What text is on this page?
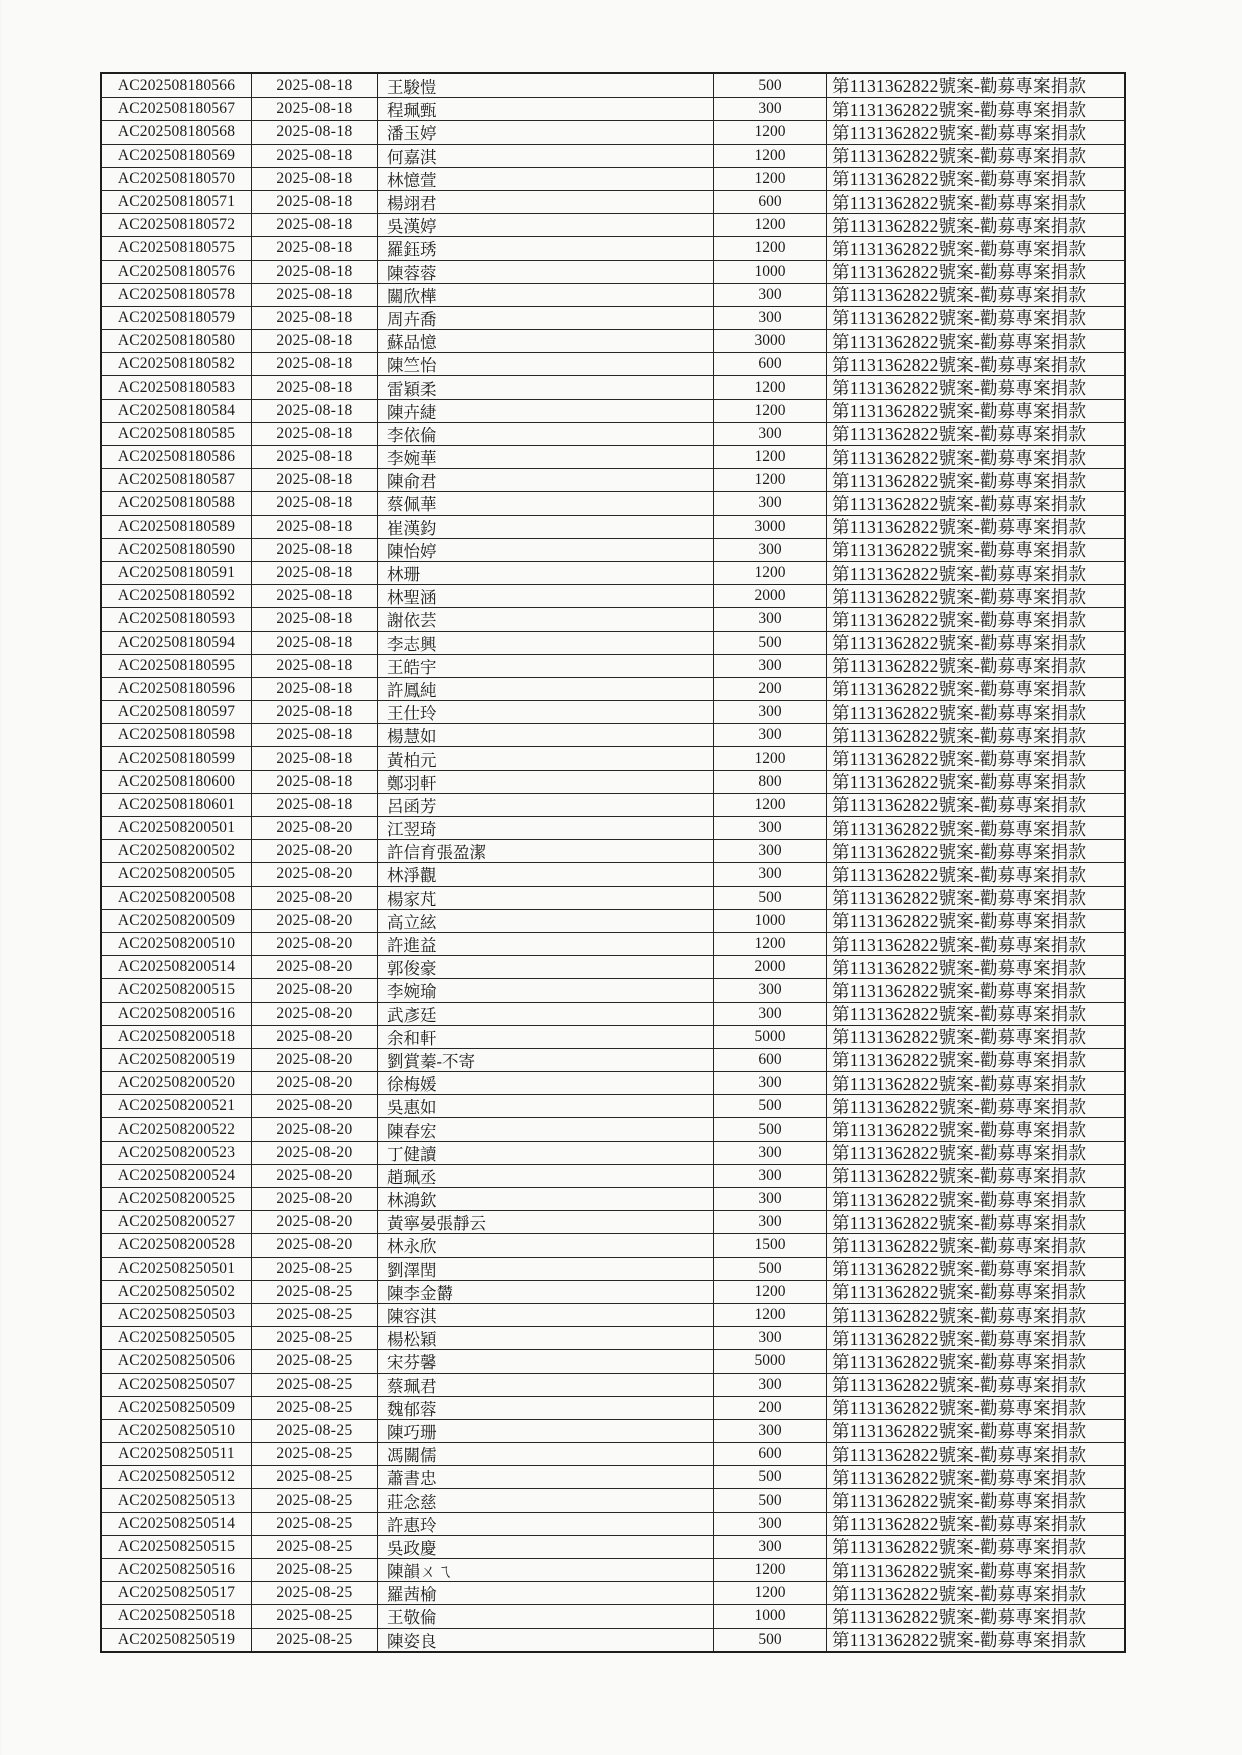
AC202508180566	2025-08-18	王駿愷	500	第1131362822號案-勸募專案捐款
AC202508180567	2025-08-18	程珮甄	300	第1131362822號案-勸募專案捐款
AC202508180568	2025-08-18	潘玉婷	1200	第1131362822號案-勸募專案捐款
AC202508180569	2025-08-18	何嘉淇	1200	第1131362822號案-勸募專案捐款
AC202508180570	2025-08-18	林憶萱	1200	第1131362822號案-勸募專案捐款
AC202508180571	2025-08-18	楊翊君	600	第1131362822號案-勸募專案捐款
AC202508180572	2025-08-18	吳漢婷	1200	第1131362822號案-勸募專案捐款
AC202508180575	2025-08-18	羅鈺琇	1200	第1131362822號案-勸募專案捐款
AC202508180576	2025-08-18	陳蓉蓉	1000	第1131362822號案-勸募專案捐款
AC202508180578	2025-08-18	關欣樺	300	第1131362822號案-勸募專案捐款
AC202508180579	2025-08-18	周卉喬	300	第1131362822號案-勸募專案捐款
AC202508180580	2025-08-18	蘇品憶	3000	第1131362822號案-勸募專案捐款
AC202508180582	2025-08-18	陳竺怡	600	第1131362822號案-勸募專案捐款
AC202508180583	2025-08-18	雷穎柔	1200	第1131362822號案-勸募專案捐款
AC202508180584	2025-08-18	陳卉緁	1200	第1131362822號案-勸募專案捐款
AC202508180585	2025-08-18	李依倫	300	第1131362822號案-勸募專案捐款
AC202508180586	2025-08-18	李婉華	1200	第1131362822號案-勸募專案捐款
AC202508180587	2025-08-18	陳俞君	1200	第1131362822號案-勸募專案捐款
AC202508180588	2025-08-18	蔡佩華	300	第1131362822號案-勸募專案捐款
AC202508180589	2025-08-18	崔漢鈞	3000	第1131362822號案-勸募專案捐款
AC202508180590	2025-08-18	陳怡婷	300	第1131362822號案-勸募專案捐款
AC202508180591	2025-08-18	林珊	1200	第1131362822號案-勸募專案捐款
AC202508180592	2025-08-18	林聖涵	2000	第1131362822號案-勸募專案捐款
AC202508180593	2025-08-18	謝依芸	300	第1131362822號案-勸募專案捐款
AC202508180594	2025-08-18	李志興	500	第1131362822號案-勸募專案捐款
AC202508180595	2025-08-18	王皓宇	300	第1131362822號案-勸募專案捐款
AC202508180596	2025-08-18	許鳳純	200	第1131362822號案-勸募專案捐款
AC202508180597	2025-08-18	王仕玲	300	第1131362822號案-勸募專案捐款
AC202508180598	2025-08-18	楊慧如	300	第1131362822號案-勸募專案捐款
AC202508180599	2025-08-18	黃柏元	1200	第1131362822號案-勸募專案捐款
AC202508180600	2025-08-18	鄭羽軒	800	第1131362822號案-勸募專案捐款
AC202508180601	2025-08-18	呂函芳	1200	第1131362822號案-勸募專案捐款
AC202508200501	2025-08-20	江翌琦	300	第1131362822號案-勸募專案捐款
AC202508200502	2025-08-20	許信育張盈潔	300	第1131362822號案-勸募專案捐款
AC202508200505	2025-08-20	林淨觀	300	第1131362822號案-勸募專案捐款
AC202508200508	2025-08-20	楊家芃	500	第1131362822號案-勸募專案捐款
AC202508200509	2025-08-20	高立絃	1000	第1131362822號案-勸募專案捐款
AC202508200510	2025-08-20	許進益	1200	第1131362822號案-勸募專案捐款
AC202508200514	2025-08-20	郭俊豪	2000	第1131362822號案-勸募專案捐款
AC202508200515	2025-08-20	李婉瑜	300	第1131362822號案-勸募專案捐款
AC202508200516	2025-08-20	武彥廷	300	第1131362822號案-勸募專案捐款
AC202508200518	2025-08-20	余和軒	5000	第1131362822號案-勸募專案捐款
AC202508200519	2025-08-20	劉賞蓁-不寄	600	第1131362822號案-勸募專案捐款
AC202508200520	2025-08-20	徐梅媛	300	第1131362822號案-勸募專案捐款
AC202508200521	2025-08-20	吳惠如	500	第1131362822號案-勸募專案捐款
AC202508200522	2025-08-20	陳春宏	500	第1131362822號案-勸募專案捐款
AC202508200523	2025-08-20	丁健讀	300	第1131362822號案-勸募專案捐款
AC202508200524	2025-08-20	趙珮丞	300	第1131362822號案-勸募專案捐款
AC202508200525	2025-08-20	林鴻欽	300	第1131362822號案-勸募專案捐款
AC202508200527	2025-08-20	黃寧晏張靜云	300	第1131362822號案-勸募專案捐款
AC202508200528	2025-08-20	林永欣	1500	第1131362822號案-勸募專案捐款
AC202508250501	2025-08-25	劉澤閏	500	第1131362822號案-勸募專案捐款
AC202508250502	2025-08-25	陳李金欝	1200	第1131362822號案-勸募專案捐款
AC202508250503	2025-08-25	陳容淇	1200	第1131362822號案-勸募專案捐款
AC202508250505	2025-08-25	楊松穎	300	第1131362822號案-勸募專案捐款
AC202508250506	2025-08-25	宋芬馨	5000	第1131362822號案-勸募專案捐款
AC202508250507	2025-08-25	蔡珮君	300	第1131362822號案-勸募專案捐款
AC202508250509	2025-08-25	魏郁蓉	200	第1131362822號案-勸募專案捐款
AC202508250510	2025-08-25	陳巧珊	300	第1131362822號案-勸募專案捐款
AC202508250511	2025-08-25	馮關儒	600	第1131362822號案-勸募專案捐款
AC202508250512	2025-08-25	蕭書忠	500	第1131362822號案-勸募專案捐款
AC202508250513	2025-08-25	莊念慈	500	第1131362822號案-勸募專案捐款
AC202508250514	2025-08-25	許惠玲	300	第1131362822號案-勸募專案捐款
AC202508250515	2025-08-25	吳政慶	300	第1131362822號案-勸募專案捐款
AC202508250516	2025-08-25	陳韻ㄨㄟ	1200	第1131362822號案-勸募專案捐款
AC202508250517	2025-08-25	羅茜榆	1200	第1131362822號案-勸募專案捐款
AC202508250518	2025-08-25	王敬倫	1000	第1131362822號案-勸募專案捐款
AC202508250519	2025-08-25	陳姿良	500	第1131362822號案-勸募專案捐款
